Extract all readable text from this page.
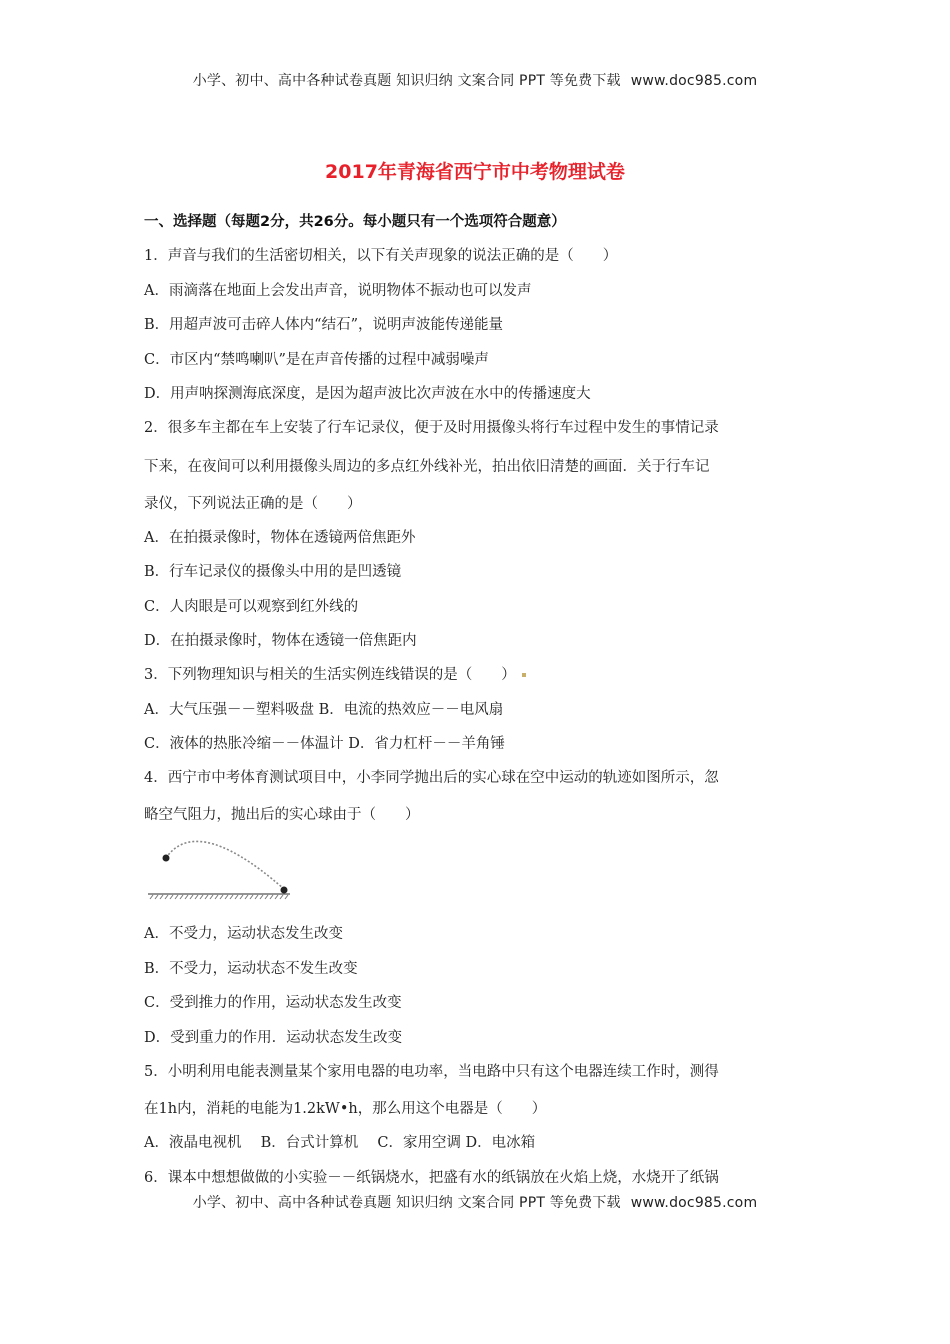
小学、初中、高中各种试卷真题 知识归纳 文案合同 PPT 等免费下载 www.doc985.com
2017年青海省西宁市中考物理试卷
一、选择题（每题2分，共26分。每小题只有一个选项符合题意）
1．声音与我们的生活密切相关，以下有关声现象的说法正确的是（　　）
A．雨滴落在地面上会发出声音，说明物体不振动也可以发声
B．用超声波可击碎人体内“结石”，说明声波能传递能量
C．市区内“禁鸣喇叭”是在声音传播的过程中减弱噪声
D．用声呐探测海底深度，是因为超声波比次声波在水中的传播速度大
2．很多车主都在车上安装了行车记录仪，便于及时用摄像头将行车过程中发生的事情记录
下来，在夜间可以利用摄像头周边的多点红外线补光，拍出依旧清楚的画面．关于行车记
录仪，下列说法正确的是（　　）
A．在拍摄录像时，物体在透镜两倍焦距外
B．行车记录仪的摄像头中用的是凹透镜
C．人肉眼是可以观察到红外线的
D．在拍摄录像时，物体在透镜一倍焦距内
3．下列物理知识与相关的生活实例连线错误的是（　　）
A．大气压强－－塑料吸盘 B．电流的热效应－－电风扇
C．液体的热胀冷缩－－体温计 D．省力杠杆－－羊角锤
4．西宁市中考体育测试项目中，小李同学抛出后的实心球在空中运动的轨迹如图所示，忽
略空气阻力，抛出后的实心球由于（　　）
A．不受力，运动状态发生改变
B．不受力，运动状态不发生改变
C．受到推力的作用，运动状态发生改变
D．受到重力的作用．运动状态发生改变
5．小明利用电能表测量某个家用电器的电功率，当电路中只有这个电器连续工作时，测得
在1h内，消耗的电能为1.2kW•h，那么用这个电器是（　　）
A．液晶电视机　 B．台式计算机　 C．家用空调 D．电冰箱
6．课本中想想做做的小实验－－纸锅烧水，把盛有水的纸锅放在火焰上烧，水烧开了纸锅
小学、初中、高中各种试卷真题 知识归纳 文案合同 PPT 等免费下载 www.doc985.com
